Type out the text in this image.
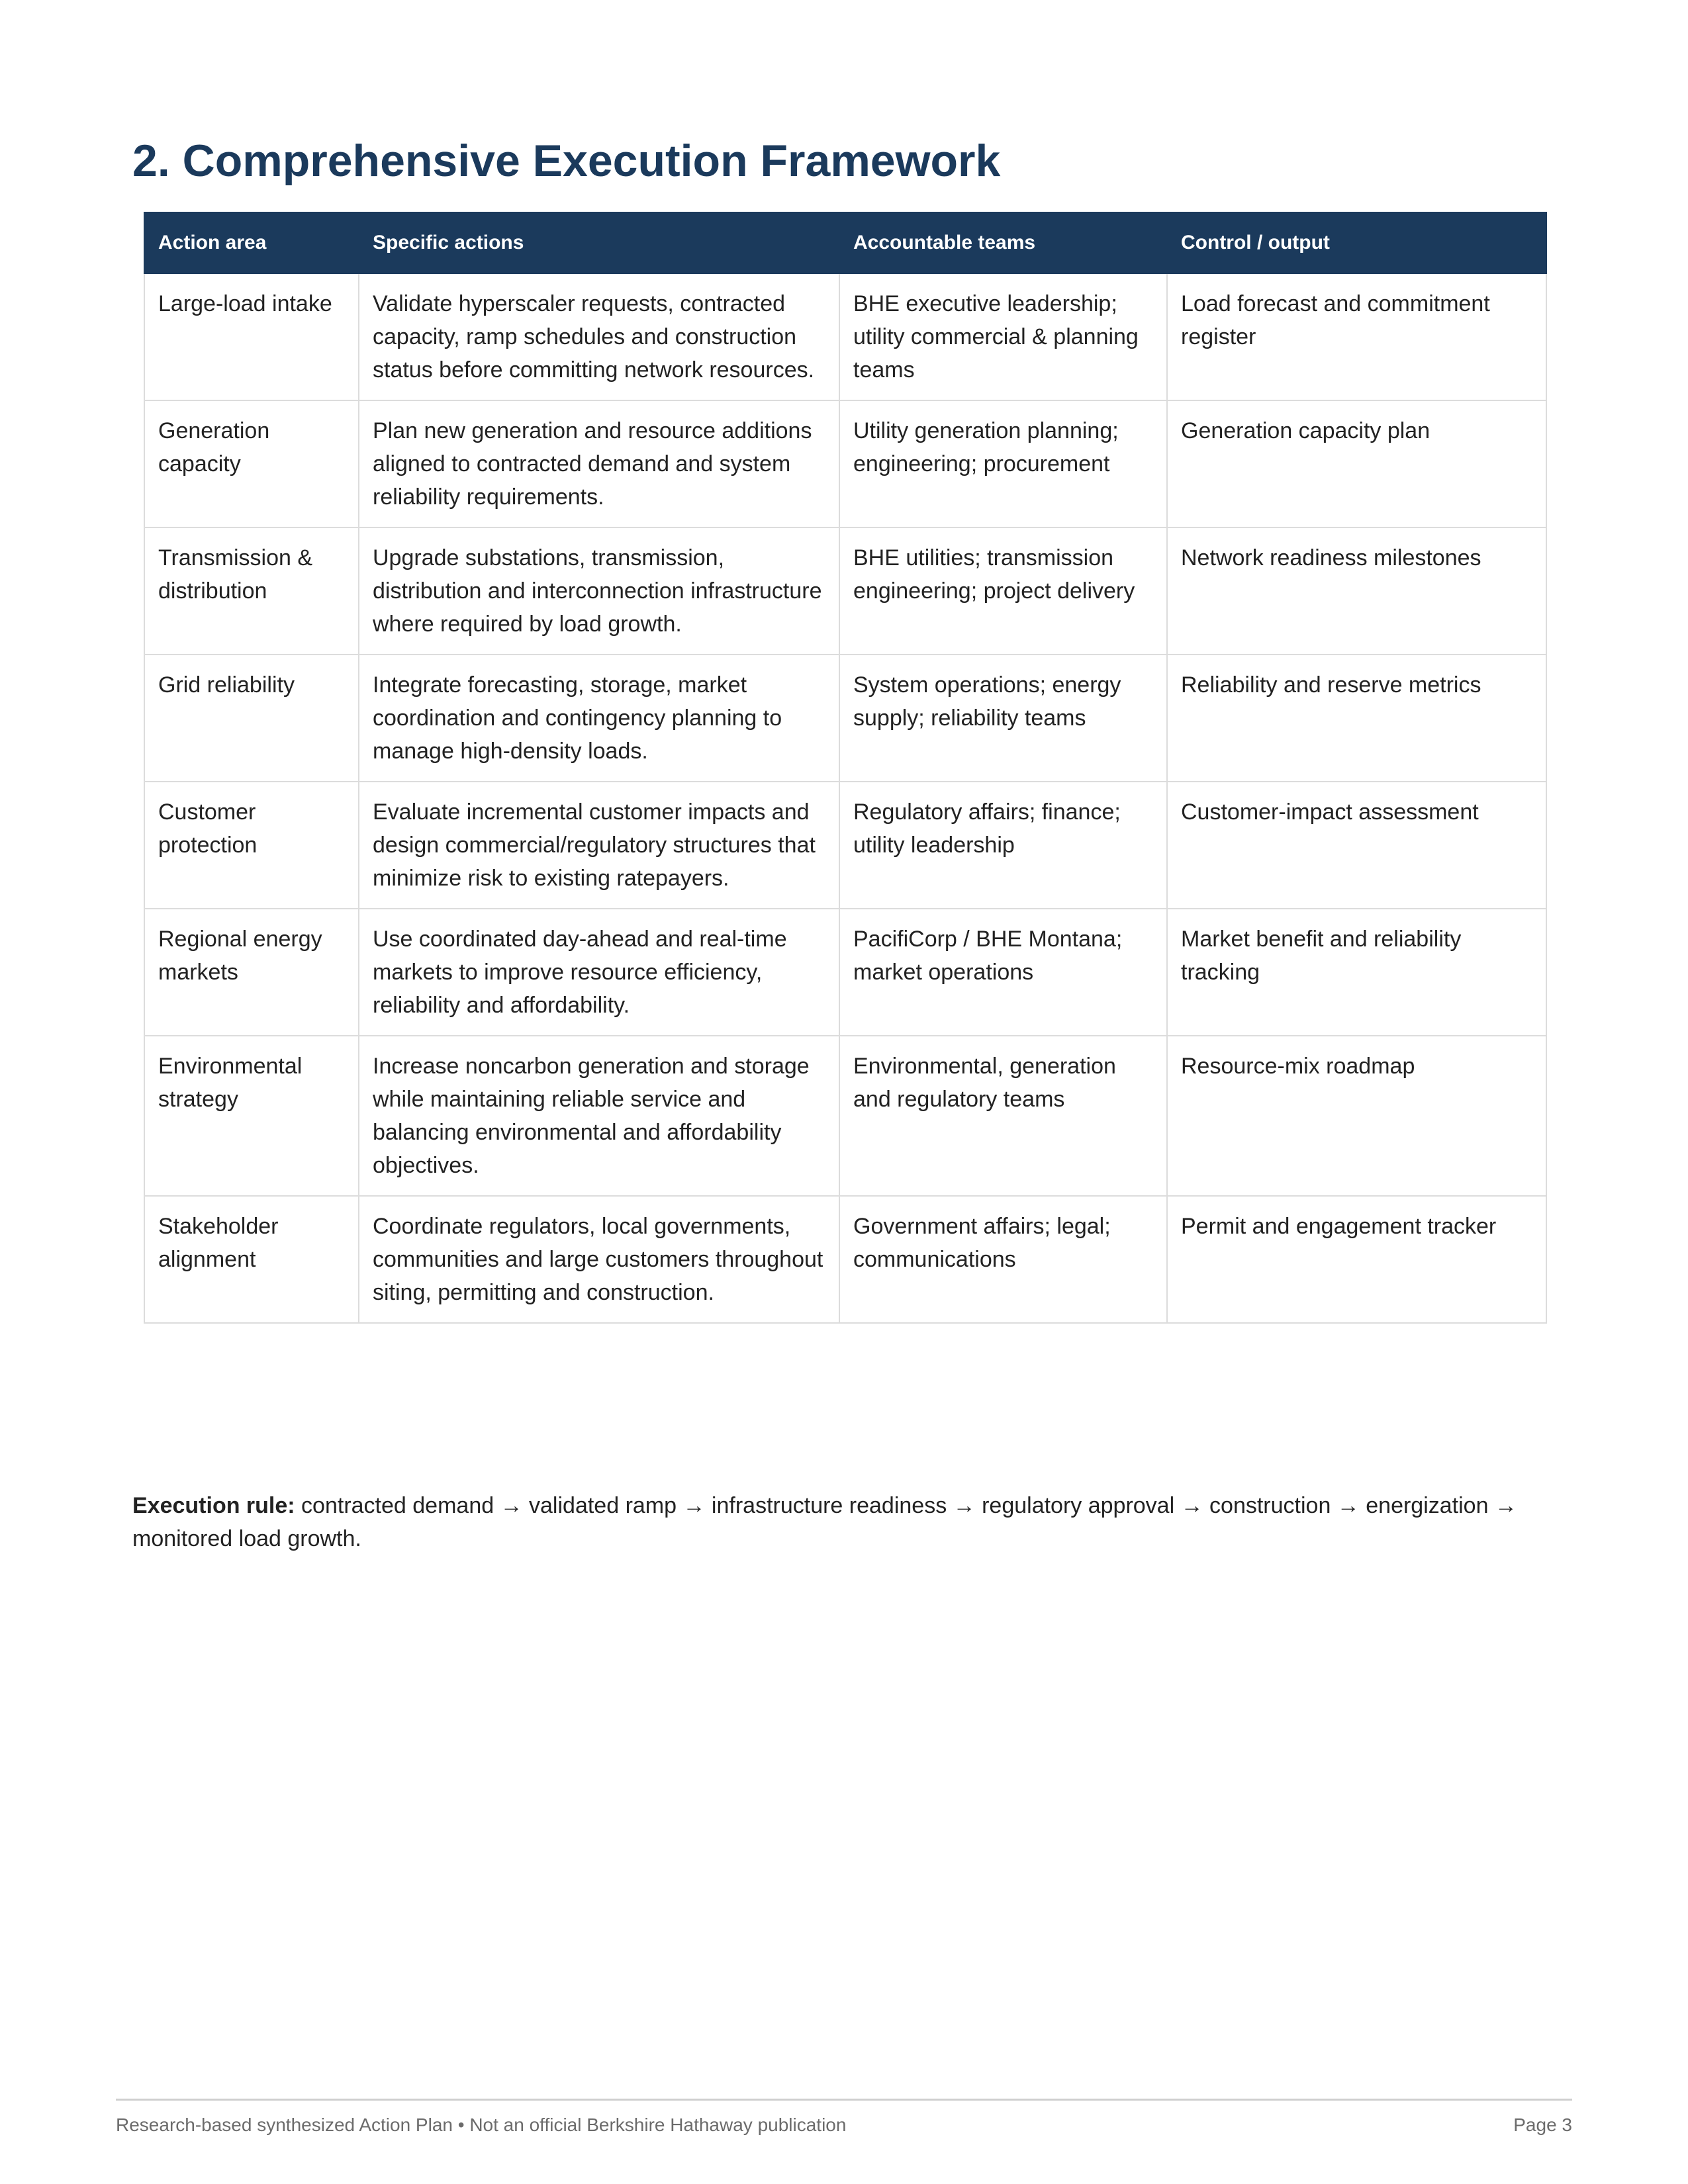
2. Comprehensive Execution Framework
Action area	Specific actions	Accountable teams	Control / output
Large-load intake	Validate hyperscaler requests, contracted capacity, ramp schedules and construction status before committing network resources.	BHE executive leadership; utility commercial & planning teams	Load forecast and commitment register
Generation capacity	Plan new generation and resource additions aligned to contracted demand and system reliability requirements.	Utility generation planning; engineering; procurement	Generation capacity plan
Transmission & distribution	Upgrade substations, transmission, distribution and interconnection infrastructure where required by load growth.	BHE utilities; transmission engineering; project delivery	Network readiness milestones
Grid reliability	Integrate forecasting, storage, market coordination and contingency planning to manage high-density loads.	System operations; energy supply; reliability teams	Reliability and reserve metrics
Customer protection	Evaluate incremental customer impacts and design commercial/regulatory structures that minimize risk to existing ratepayers.	Regulatory affairs; finance; utility leadership	Customer-impact assessment
Regional energy markets	Use coordinated day-ahead and real-time markets to improve resource efficiency, reliability and affordability.	PacifiCorp / BHE Montana; market operations	Market benefit and reliability tracking
Environmental strategy	Increase noncarbon generation and storage while maintaining reliable service and balancing environmental and affordability objectives.	Environmental, generation and regulatory teams	Resource-mix roadmap
Stakeholder alignment	Coordinate regulators, local governments, communities and large customers throughout siting, permitting and construction.	Government affairs; legal; communications	Permit and engagement tracker

Execution rule: contracted demand → validated ramp → infrastructure readiness → regulatory approval → construction → energization → monitored load growth.

Research-based synthesized Action Plan • Not an official Berkshire Hathaway publication	Page 3
